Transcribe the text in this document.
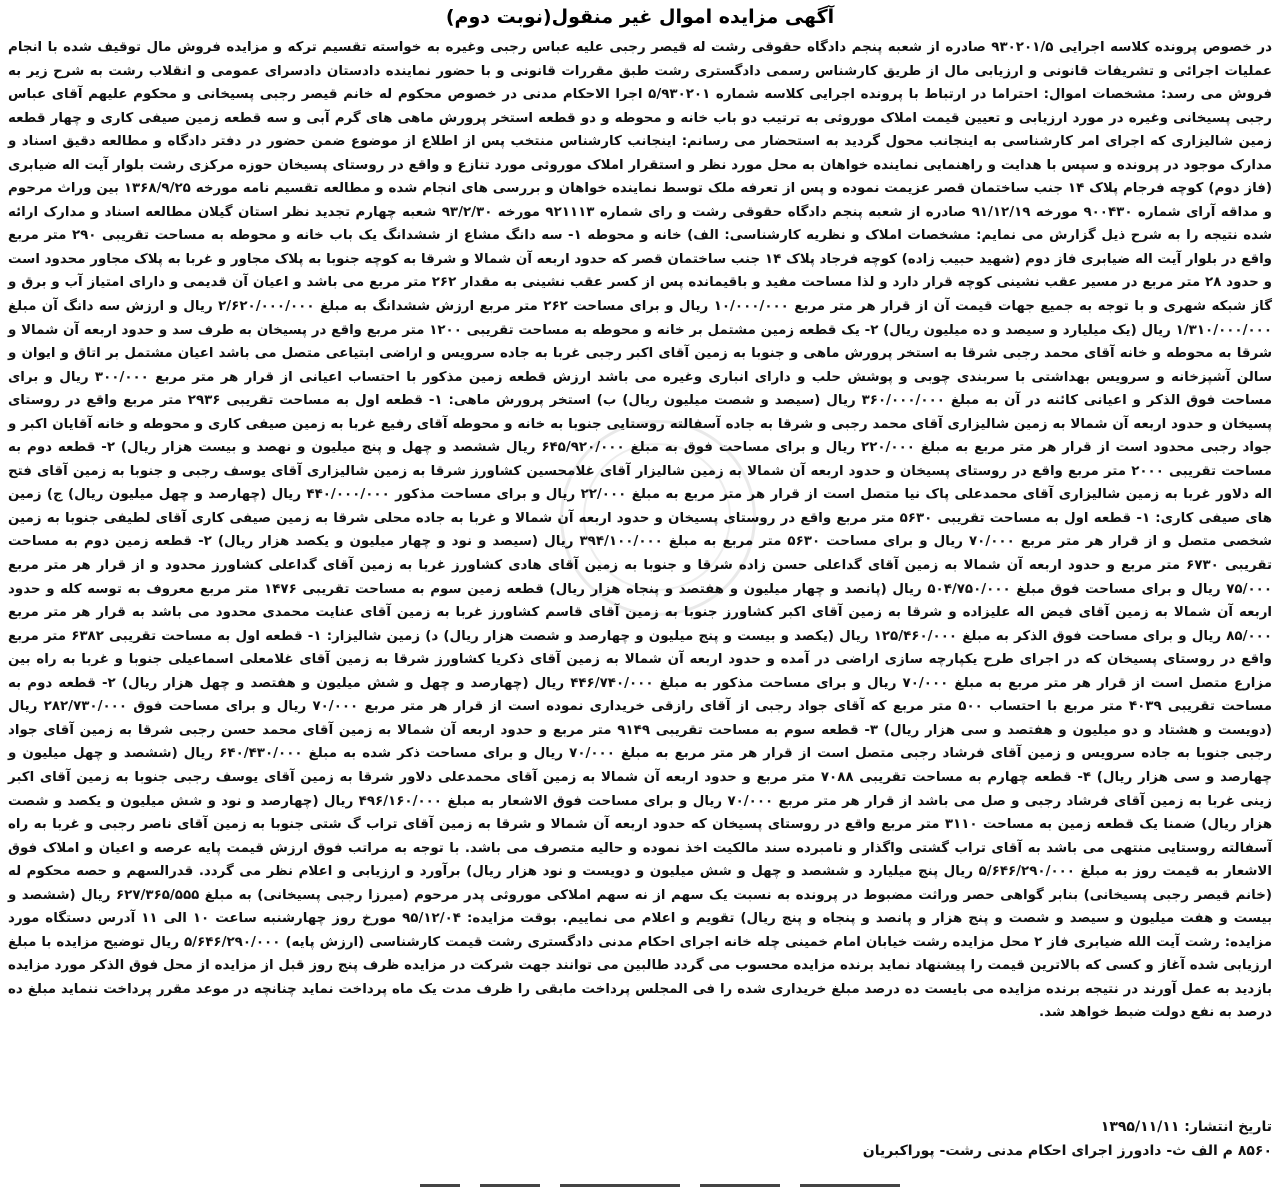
آگهی مزایده اموال غیر منقول(نوبت دوم)
در خصوص پرونده کلاسه اجرایی ۹۳۰۲۰۱/۵ صادره از شعبه پنجم دادگاه حقوقی رشت له قیصر رجبی علیه عباس رجبی وغیره به خواسته تقسیم ترکه و مزایده فروش مال توقیف شده با انجام عملیات اجرائی و تشریفات قانونی و ارزیابی مال از طریق کارشناس رسمی دادگستری رشت طبق مقررات قانونی و با حضور نماینده دادستان دادسرای عمومی و انقلاب رشت به شرح زیر به فروش می رسد: مشخصات اموال: احتراما در ارتباط با پرونده اجرایی کلاسه شماره ۵/۹۳۰۲۰۱ اجرا الاحکام مدنی در خصوص محکوم له خانم قیصر رجبی پسیخانی و محکوم علیهم آقای عباس رجبی پسیخانی وغیره در مورد ارزیابی و تعیین قیمت املاک موروثی به ترتیب دو باب خانه و محوطه و دو قطعه استخر پرورش ماهی های گرم آبی و سه قطعه زمین صیفی کاری و چهار قطعه زمین شالیزاری که اجرای امر کارشناسی به اینجانب محول گردید به استحضار می رسانم: اینجانب کارشناس منتخب پس از اطلاع از موضوع ضمن حضور در دفتر دادگاه و مطالعه دقیق اسناد و مدارک موجود در پرونده و سپس با هدایت و راهنمایی نماینده خواهان به محل مورد نظر و استقرار املاک موروثی مورد تنازع و واقع در روستای پسیخان حوزه مرکزی رشت بلوار آیت اله ضیابری (فاز دوم) کوچه فرجام پلاک ۱۴ جنب ساختمان قصر عزیمت نموده و پس از تعرفه ملک توسط نماینده خواهان و بررسی های انجام شده و مطالعه تقسیم نامه مورخه ۱۳۶۸/۹/۲۵ بین وراث مرحوم و مداقه آرای شماره ۹۰۰۴۳۰ مورخه ۹۱/۱۲/۱۹ صادره از شعبه پنجم دادگاه حقوقی رشت و رای شماره ۹۲۱۱۱۳ مورخه ۹۳/۲/۳۰ شعبه چهارم تجدید نظر استان گیلان مطالعه اسناد و مدارک ارائه شده نتیجه را به شرح ذیل گزارش می نمایم: مشخصات املاک و نظریه کارشناسی: الف) خانه و محوطه ۱- سه دانگ مشاع از ششدانگ یک باب خانه و محوطه به مساحت تقریبی ۲۹۰ متر مربع واقع در بلوار آیت اله ضیابری فاز دوم (شهید حبیب زاده) کوچه فرجاد پلاک ۱۴ جنب ساختمان قصر که حدود اربعه آن شمالا و شرقا به کوچه جنوبا به پلاک مجاور و غربا به پلاک مجاور محدود است و حدود ۲۸ متر مربع در مسیر عقب نشینی کوچه قرار دارد و لذا مساحت مفید و باقیمانده پس از کسر عقب نشینی به مقدار ۲۶۲ متر مربع می باشد و اعیان آن قدیمی و دارای امتیاز آب و برق و گاز شبکه شهری و با توجه به جمیع جهات قیمت آن از قرار هر متر مربع ۱۰/۰۰۰/۰۰۰ ریال و برای مساحت ۲۶۲ متر مربع ارزش ششدانگ به مبلغ ۲/۶۲۰/۰۰۰/۰۰۰ ریال و ارزش سه دانگ آن مبلغ ۱/۳۱۰/۰۰۰/۰۰۰ ریال (یک میلیارد و سیصد و ده میلیون ریال) ۲- یک قطعه زمین مشتمل بر خانه و محوطه به مساحت تقریبی ۱۲۰۰ متر مربع واقع در پسیخان به طرف سد و حدود اربعه آن شمالا و شرقا به محوطه و خانه آقای محمد رجبی شرقا به استخر پرورش ماهی و جنوبا به زمین آقای اکبر رجبی غربا به جاده سرویس و اراضی ابتیاعی متصل می باشد اعیان مشتمل بر اتاق و ایوان و سالن آشپزخانه و سرویس بهداشتی با سربندی چوبی و پوشش حلب و دارای انباری وغیره می باشد ارزش قطعه زمین مذکور با احتساب اعیانی از قرار هر متر مربع ۳۰۰/۰۰۰ ریال و برای مساحت فوق الذکر و اعیانی کائنه در آن به مبلغ ۳۶۰/۰۰۰/۰۰۰ ریال (سیصد و شصت میلیون ریال) ب) استخر پرورش ماهی: ۱- قطعه اول به مساحت تقریبی ۲۹۳۶ متر مربع واقع در روستای پسیخان و حدود اربعه آن شمالا به زمین شالیزاری آقای محمد رجبی و شرقا به جاده آسفالته روستایی جنوبا به خانه و محوطه آقای رفیع غربا به زمین صیفی کاری و محوطه و خانه آقایان اکبر و جواد رجبی محدود است از قرار هر متر مربع به مبلغ ۲۲۰/۰۰۰ ریال و برای مساحت فوق به مبلغ ۶۴۵/۹۲۰/۰۰۰ ریال ششصد و چهل و پنج میلیون و نهصد و بیست هزار ریال) ۲- قطعه دوم به مساحت تقریبی ۲۰۰۰ متر مربع واقع در روستای پسیخان و حدود اربعه آن شمالا به زمین شالیزار آقای غلامحسین کشاورز شرقا به زمین شالیزاری آقای یوسف رجبی و جنوبا به زمین آقای فتح اله دلاور غربا به زمین شالیزاری آقای محمدعلی پاک نیا متصل است از قرار هر متر مربع به مبلغ ۲۲/۰۰۰ ریال و برای مساحت مذکور ۴۴۰/۰۰۰/۰۰۰ ریال (چهارصد و چهل میلیون ریال) ج) زمین های صیفی کاری: ۱- قطعه اول به مساحت تقریبی ۵۶۳۰ متر مربع واقع در روستای پسیخان و حدود اربعه آن شمالا و غربا به جاده محلی شرقا به زمین صیفی کاری آقای لطیفی جنوبا به زمین شخصی متصل و از قرار هر متر مربع ۷۰/۰۰۰ ریال و برای مساحت ۵۶۳۰ متر مربع به مبلغ ۳۹۴/۱۰۰/۰۰۰ ریال (سیصد و نود و چهار میلیون و یکصد هزار ریال) ۲- قطعه زمین دوم به مساحت تقریبی ۶۷۳۰ متر مربع و حدود اربعه آن شمالا به زمین آقای گداعلی حسن زاده شرقا و جنوبا به زمین آقای هادی کشاورز غربا به زمین آقای گداعلی کشاورز محدود و از قرار هر متر مربع ۷۵/۰۰۰ ریال و برای مساحت فوق مبلغ ۵۰۴/۷۵۰/۰۰۰ ریال (پانصد و چهار میلیون و هفتصد و پنجاه هزار ریال) قطعه زمین سوم به مساحت تقریبی ۱۴۷۶ متر مربع معروف به توسه کله و حدود اربعه آن شمالا به زمین آقای فیض اله علیزاده و شرقا به زمین آقای اکبر کشاورز جنوبا به زمین آقای قاسم کشاورز غربا به زمین آقای عنایت محمدی محدود می باشد به قرار هر متر مربع ۸۵/۰۰۰ ریال و برای مساحت فوق الذکر به مبلغ ۱۲۵/۴۶۰/۰۰۰ ریال (یکصد و بیست و پنج میلیون و چهارصد و شصت هزار ریال) د) زمین شالیزار: ۱- قطعه اول به مساحت تقریبی ۶۳۸۲ متر مربع واقع در روستای پسیخان که در اجرای طرح یکپارچه سازی اراضی در آمده و حدود اربعه آن شمالا به زمین آقای ذکریا کشاورز شرقا به زمین آقای غلامعلی اسماعیلی جنوبا و غربا به راه بین مزارع متصل است از قرار هر متر مربع به مبلغ ۷۰/۰۰۰ ریال و برای مساحت مذکور به مبلغ ۴۴۶/۷۴۰/۰۰۰ ریال (چهارصد و چهل و شش میلیون و هفتصد و چهل هزار ریال) ۲- قطعه دوم به مساحت تقریبی ۴۰۳۹ متر مربع با احتساب ۵۰۰ متر مربع که آقای جواد رجبی از آقای رازقی خریداری نموده است از قرار هر متر مربع ۷۰/۰۰۰ ریال و برای مساحت فوق ۲۸۲/۷۳۰/۰۰۰ ریال (دویست و هشتاد و دو میلیون و هفتصد و سی هزار ریال) ۳- قطعه سوم به مساحت تقریبی ۹۱۴۹ متر مربع و حدود اربعه آن شمالا به زمین آقای محمد حسن رجبی شرقا به زمین آقای جواد رجبی جنوبا به جاده سرویس و زمین آقای فرشاد رجبی متصل است از قرار هر متر مربع به مبلغ ۷۰/۰۰۰ ریال و برای مساحت ذکر شده به مبلغ ۶۴۰/۴۳۰/۰۰۰ ریال (ششصد و چهل میلیون و چهارصد و سی هزار ریال) ۴- قطعه چهارم به مساحت تقریبی ۷۰۸۸ متر مربع و حدود اربعه آن شمالا به زمین آقای محمدعلی دلاور شرقا به زمین آقای یوسف رجبی جنوبا به زمین آقای اکبر زینی غربا به زمین آقای فرشاد رجبی و صل می باشد از قرار هر متر مربع ۷۰/۰۰۰ ریال و برای مساحت فوق الاشعار به مبلغ ۴۹۶/۱۶۰/۰۰۰ ریال (چهارصد و نود و شش میلیون و یکصد و شصت هزار ریال) ضمنا یک قطعه زمین به مساحت ۳۱۱۰ متر مربع واقع در روستای پسیخان که حدود اربعه آن شمالا و شرقا به زمین آقای تراب گ شتی جنوبا به زمین آقای ناصر رجبی و غربا به راه آسفالته روستایی منتهی می باشد به آقای تراب گشتی واگذار و نامبرده سند مالکیت اخذ نموده و حالیه متصرف می باشد. با توجه به مراتب فوق ارزش قیمت پایه عرصه و اعیان و املاک فوق الاشعار به قیمت روز به مبلغ ۵/۶۴۶/۲۹۰/۰۰۰ ریال پنج میلیارد و ششصد و چهل و شش میلیون و دویست و نود هزار ریال) برآورد و ارزیابی و اعلام نظر می گردد. قدرالسهم و حصه محکوم له (خانم قیصر رجبی پسیخانی) بنابر گواهی حصر وراثت مضبوط در پرونده به نسبت یک سهم از نه سهم املاکی موروثی پدر مرحوم (میرزا رجبی پسیخانی) به مبلغ ۶۲۷/۳۶۵/۵۵۵ ریال (ششصد و بیست و هفت میلیون و سیصد و شصت و پنج هزار و پانصد و پنجاه و پنج ریال) تقویم و اعلام می نماییم. بوقت مزایده: ۹۵/۱۲/۰۴ مورخ روز چهارشنبه ساعت ۱۰ الی ۱۱ آدرس دستگاه مورد مزایده: رشت آیت الله ضیابری فاز ۲ محل مزایده رشت خیابان امام خمینی چله خانه اجرای احکام مدنی دادگستری رشت قیمت کارشناسی (ارزش پایه) ۵/۶۴۶/۲۹۰/۰۰۰ ریال توضیح مزایده با مبلغ ارزیابی شده آغاز و کسی که بالاترین قیمت را پیشنهاد نماید برنده مزایده محسوب می گردد طالبین می توانند جهت شرکت در مزایده ظرف پنج روز قبل از مزایده از محل فوق الذکر مورد مزایده بازدید به عمل آورند در نتیجه برنده مزایده می بایست ده درصد مبلغ خریداری شده را فی المجلس پرداخت مابقی را ظرف مدت یک ماه پرداخت نماید چنانچه در موعد مقرر پرداخت ننماید مبلغ ده درصد به نفع دولت ضبط خواهد شد.
تاریخ انتشار: ۱۳۹۵/۱۱/۱۱
۸۵۶۰ م الف ث- دادورز اجرای احکام مدنی رشت- پوراکبریان
